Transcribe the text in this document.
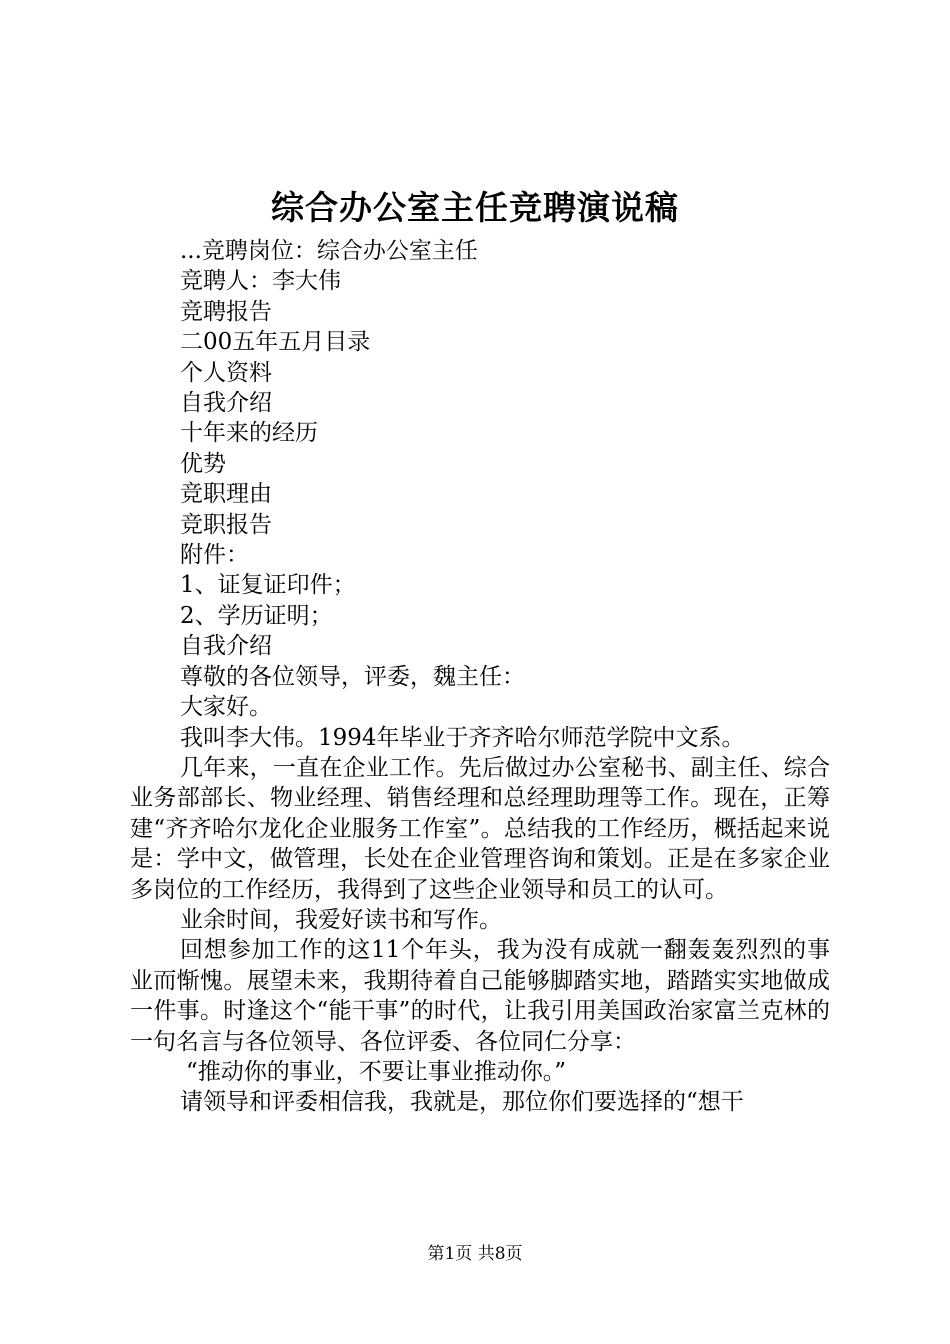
综合办公室主任竞聘演说稿

...竞聘岗位：综合办公室主任

竞聘人：李大伟

竞聘报告

二00五年五月目录

个人资料

自我介绍

十年来的经历

优势

竞职理由

竞职报告

附件：

1、证复证印件；

2、学历证明；

自我介绍

尊敬的各位领导，评委，魏主任：

大家好。

我叫李大伟。1994年毕业于齐齐哈尔师范学院中文系。

几年来，一直在企业工作。先后做过办公室秘书、副主任、综合业务部部长、物业经理、销售经理和总经理助理等工作。现在，正筹建“齐齐哈尔龙化企业服务工作室”。总结我的工作经历，概括起来说是：学中文，做管理，长处在企业管理咨询和策划。正是在多家企业多岗位的工作经历，我得到了这些企业领导和员工的认可。

业余时间，我爱好读书和写作。

回想参加工作的这11个年头，我为没有成就一翻轰轰烈烈的事业而惭愧。展望未来，我期待着自己能够脚踏实地，踏踏实实地做成一件事。时逢这个“能干事”的时代，让我引用美国政治家富兰克林的一句名言与各位领导、各位评委、各位同仁分享：

“推动你的事业，不要让事业推动你。”

请领导和评委相信我，我就是，那位你们要选择的“想干

第1页 共8页
